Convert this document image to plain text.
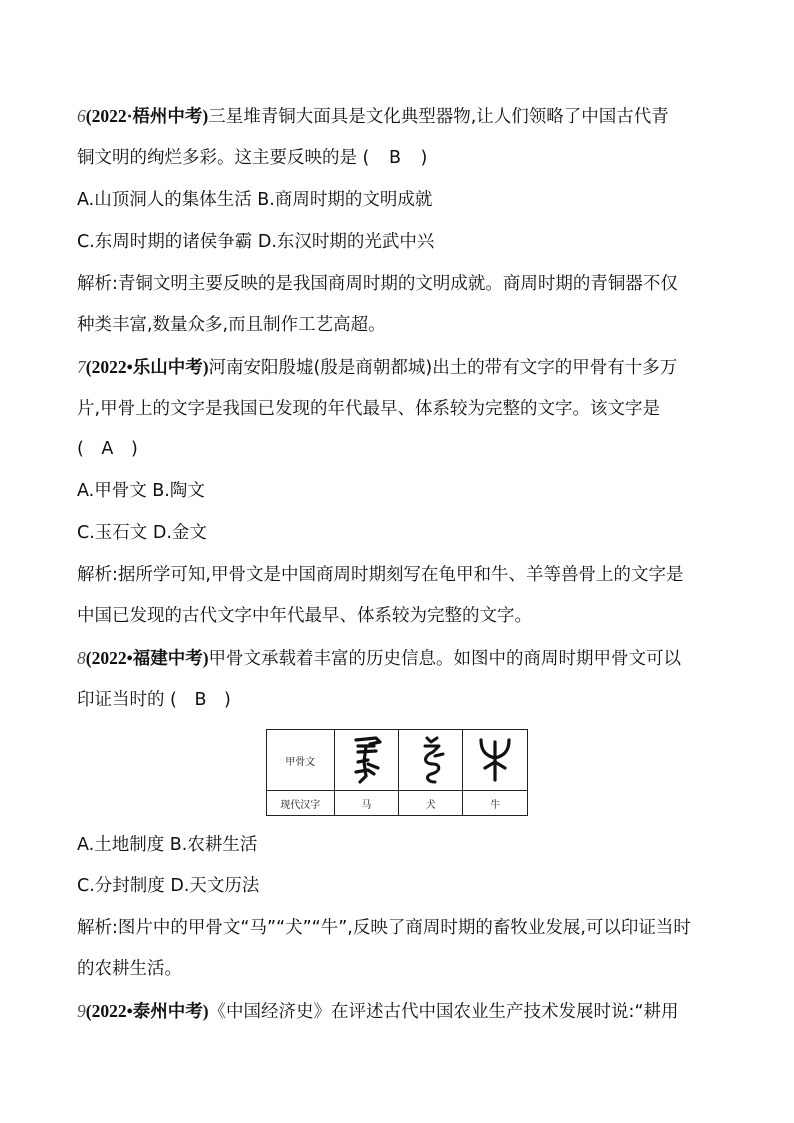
6(2022·梧州中考)三星堆青铜大面具是文化典型器物,让人们领略了中国古代青
铜文明的绚烂多彩。这主要反映的是 ( B )
A.山顶洞人的集体生活 B.商周时期的文明成就
C.东周时期的诸侯争霸 D.东汉时期的光武中兴
解析:青铜文明主要反映的是我国商周时期的文明成就。商周时期的青铜器不仅
种类丰富,数量众多,而且制作工艺高超。
7(2022•乐山中考)河南安阳殷墟(殷是商朝都城)出土的带有文字的甲骨有十多万
片,甲骨上的文字是我国已发现的年代最早、体系较为完整的文字。该文字是
( A )
A.甲骨文 B.陶文
C.玉石文 D.金文
解析:据所学可知,甲骨文是中国商周时期刻写在龟甲和牛、羊等兽骨上的文字是
中国已发现的古代文字中年代最早、体系较为完整的文字。
8(2022•福建中考)甲骨文承载着丰富的历史信息。如图中的商周时期甲骨文可以
印证当时的 ( B )
甲骨文			
现代汉字	马	犬	牛
A.土地制度 B.农耕生活
C.分封制度 D.天文历法
解析:图片中的甲骨文“马”“犬”“牛”,反映了商周时期的畜牧业发展,可以印证当时
的农耕生活。
9(2022•泰州中考)《中国经济史》在评述古代中国农业生产技术发展时说:“耕用
